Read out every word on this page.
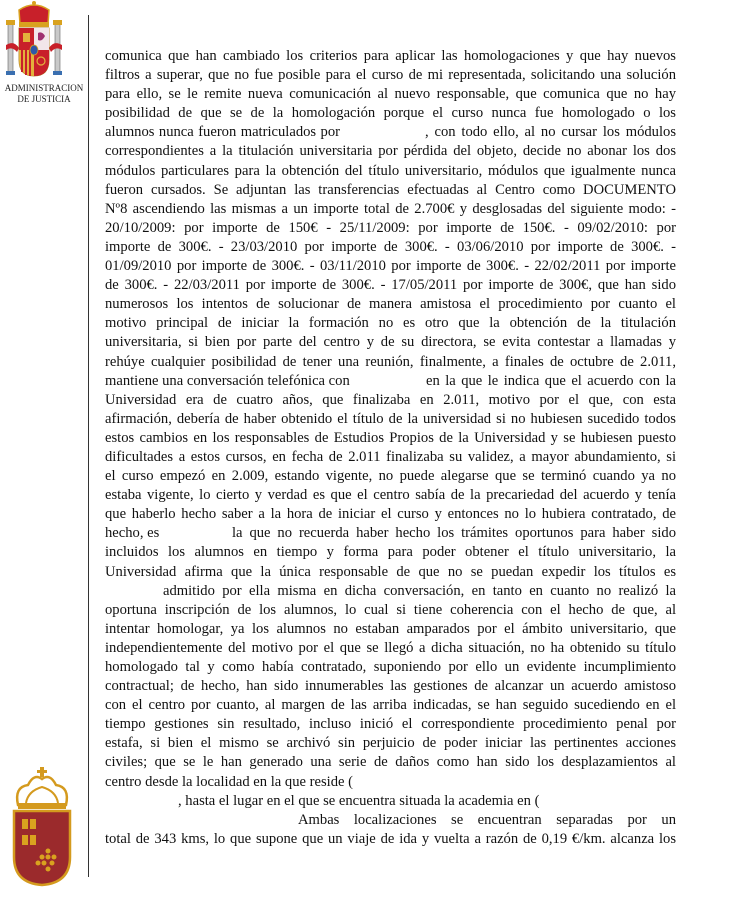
ADMINISTRACION
DE JUSTICIA
comunica que han cambiado los criterios para aplicar las homologaciones y que hay nuevos
filtros a superar, que no fue posible para el curso de mi representada, solicitando una solución
para ello, se le remite nueva comunicación al nuevo responsable, que comunica que no hay
posibilidad de que se de la homologación porque el curso nunca fue homologado o los
alumnos nunca fueron matriculados por	, con todo ello, al no cursar los módulos
correspondientes a la titulación universitaria por pérdida del objeto, decide no abonar los dos
módulos particulares para la obtención del título universitario, módulos que igualmente nunca
fueron cursados. Se adjuntan las transferencias efectuadas al Centro como DOCUMENTO
Nº8 ascendiendo las mismas a un importe total de 2.700€ y desglosadas del siguiente modo: -
20/10/2009: por importe de 150€ - 25/11/2009: por importe de 150€. - 09/02/2010: por
importe de 300€. - 23/03/2010 por importe de 300€. - 03/06/2010 por importe de 300€. -
01/09/2010 por importe de 300€. - 03/11/2010 por importe de 300€. - 22/02/2011 por importe
de 300€. - 22/03/2011 por importe de 300€. - 17/05/2011 por importe de 300€, que han sido
numerosos los intentos de solucionar de manera amistosa el procedimiento por cuanto el
motivo principal de iniciar la formación no es otro que la obtención de la titulación
universitaria, si bien por parte del centro y de su directora, se evita contestar a llamadas y
rehúye cualquier posibilidad de tener una reunión, finalmente, a finales de octubre de 2.011,
mantiene una conversación telefónica con	en la que le indica que el acuerdo con la
Universidad era de cuatro años, que finalizaba en 2.011, motivo por el que, con esta
afirmación, debería de haber obtenido el título de la universidad si no hubiesen sucedido todos
estos cambios en los responsables de Estudios Propios de la Universidad y se hubiesen puesto
dificultades a estos cursos, en fecha de 2.011 finalizaba su validez, a mayor abundamiento, si
el curso empezó en 2.009, estando vigente, no puede alegarse que se terminó cuando ya no
estaba vigente, lo cierto y verdad es que el centro sabía de la precariedad del acuerdo y tenía
que haberlo hecho saber a la hora de iniciar el curso y entonces no lo hubiera contratado, de
hecho, es	la que no recuerda haber hecho los trámites oportunos para haber sido
incluidos los alumnos en tiempo y forma para poder obtener el título universitario, la
Universidad afirma que la única responsable de que no se puedan expedir los títulos es
admitido por ella misma en dicha conversación, en tanto en cuanto no realizó la
oportuna inscripción de los alumnos, lo cual si tiene coherencia con el hecho de que, al
intentar homologar, ya los alumnos no estaban amparados por el ámbito universitario, que
independientemente del motivo por el que se llegó a dicha situación, no ha obtenido su título
homologado tal y como había contratado, suponiendo por ello un evidente incumplimiento
contractual; de hecho, han sido innumerables las gestiones de alcanzar un acuerdo amistoso
con el centro por cuanto, al margen de las arriba indicadas, se han seguido sucediendo en el
tiempo gestiones sin resultado, incluso inició el correspondiente procedimiento penal por
estafa, si bien el mismo se archivó sin perjuicio de poder iniciar las pertinentes acciones
civiles; que se le han generado una serie de daños como han sido los desplazamientos al
centro desde la localidad en la que reside (
, hasta el lugar en el que se encuentra situada la academia en (
Ambas localizaciones se encuentran separadas por un
total de 343 kms, lo que supone que un viaje de ida y vuelta a razón de 0,19 €/km. alcanza los
